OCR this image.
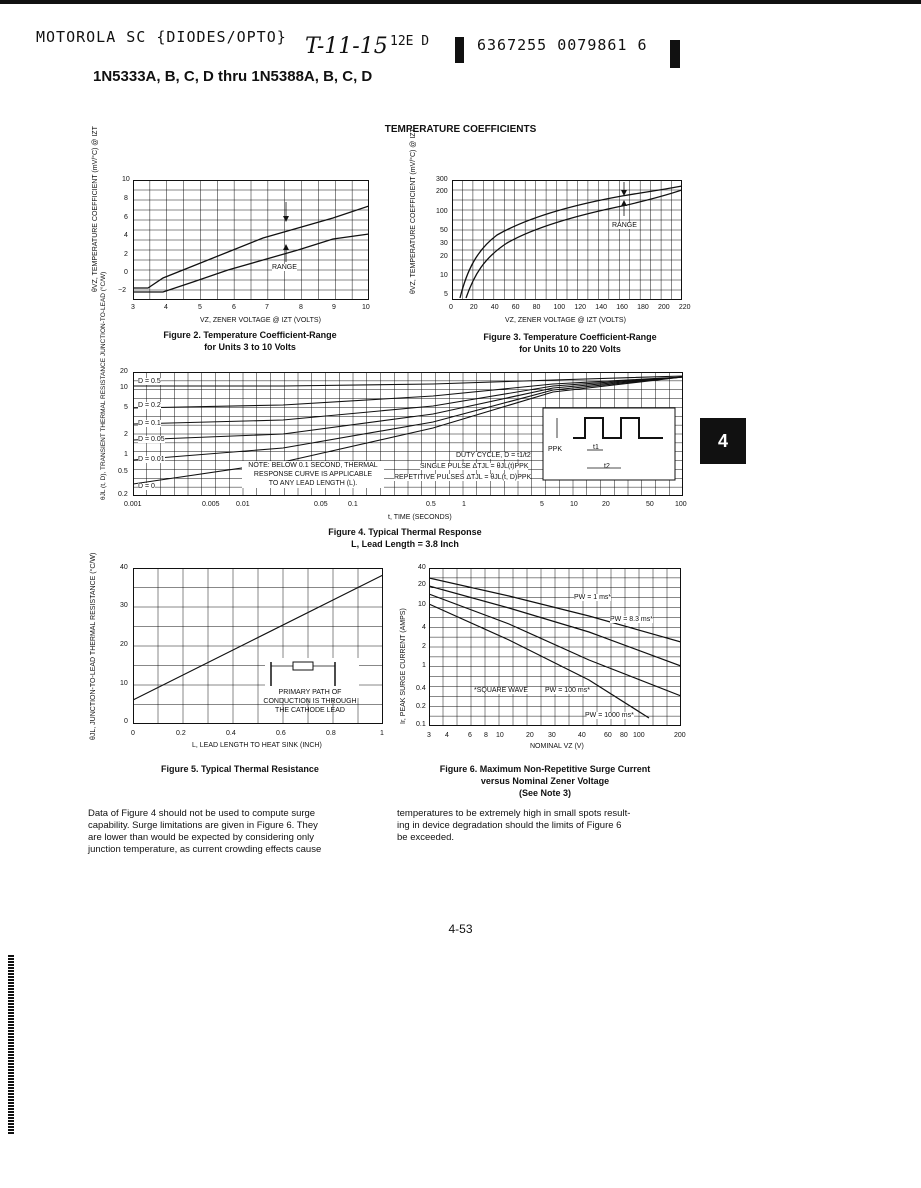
MOTOROLA SC {DIODES/OPTO} T-11-15 12E D	6367255 0079861 6
1N5333A, B, C, D thru 1N5388A, B, C, D
TEMPERATURE COEFFICIENTS
4
RANGE
θVZ, TEMPERATURE COEFFICIENT (mV/°C) @ IZT	10
8
6
4
2
0
−2
3	4	5	6	7	8	9	10
VZ, ZENER VOLTAGE @ IZT (VOLTS)
Figure 2. Temperature Coefficient-Range
for Units 3 to 10 Volts
RANGE
θVZ, TEMPERATURE COEFFICIENT (mV/°C) @ IZT	300
200
100
50
30
20
10
5
0 20 40 60 80 100 120 140 160 180 200 220
VZ, ZENER VOLTAGE @ IZT (VOLTS)
Figure 3. Temperature Coefficient-Range
for Units 10 to 220 Volts
PPK	t1
t2
D = 0.5
D = 0.2
D = 0.1
D = 0.05
D = 0.01
D = 0
NOTE: BELOW 0.1 SECOND, THERMAL
RESPONSE CURVE IS APPLICABLE
TO ANY LEAD LENGTH (L).
DUTY CYCLE, D = t1/t2
SINGLE PULSE ΔTJL = θJL(t)PPK
REPETITIVE PULSES ΔTJL = θJL(t, D)PPK
θJL (t, D), TRANSIENT THERMAL RESISTANCE JUNCTION-TO-LEAD (°C/W) 20
10
5
2
1
0.5
0.2
0.001	0.005 0.01	0.05	0.1	0.5	1	5	10	20	50	100
t, TIME (SECONDS)
Figure 4. Typical Thermal Response
L, Lead Length = 3.8 Inch
PRIMARY PATH OF
CONDUCTION IS THROUGH
THE CATHODE LEAD
θJL, JUNCTION-TO-LEAD THERMAL RESISTANCE (°C/W)	40
30
20
10
0
0	0.2	0.4	0.6	0.8	1
L, LEAD LENGTH TO HEAT SINK (INCH)
Figure 5. Typical Thermal Resistance
PW = 1 ms*
PW = 8.3 ms*
*SQUARE WAVE PW = 100 ms*
PW = 1000 ms*
Ir, PEAK SURGE CURRENT (AMPS)
40
20
10
4
2
1
0.4
0.2
0.1
3 4	6 8 10	20 30	40	60 80 100	200
NOMINAL VZ (V)
Figure 6. Maximum Non-Repetitive Surge Current
versus Nominal Zener Voltage
(See Note 3)
Data of Figure 4 should not be used to compute surge
capability. Surge limitations are given in Figure 6. They
are lower than would be expected by considering only
junction temperature, as current crowding effects cause
temperatures to be extremely high in small spots result-
ing in device degradation should the limits of Figure 6
be exceeded.
4-53
